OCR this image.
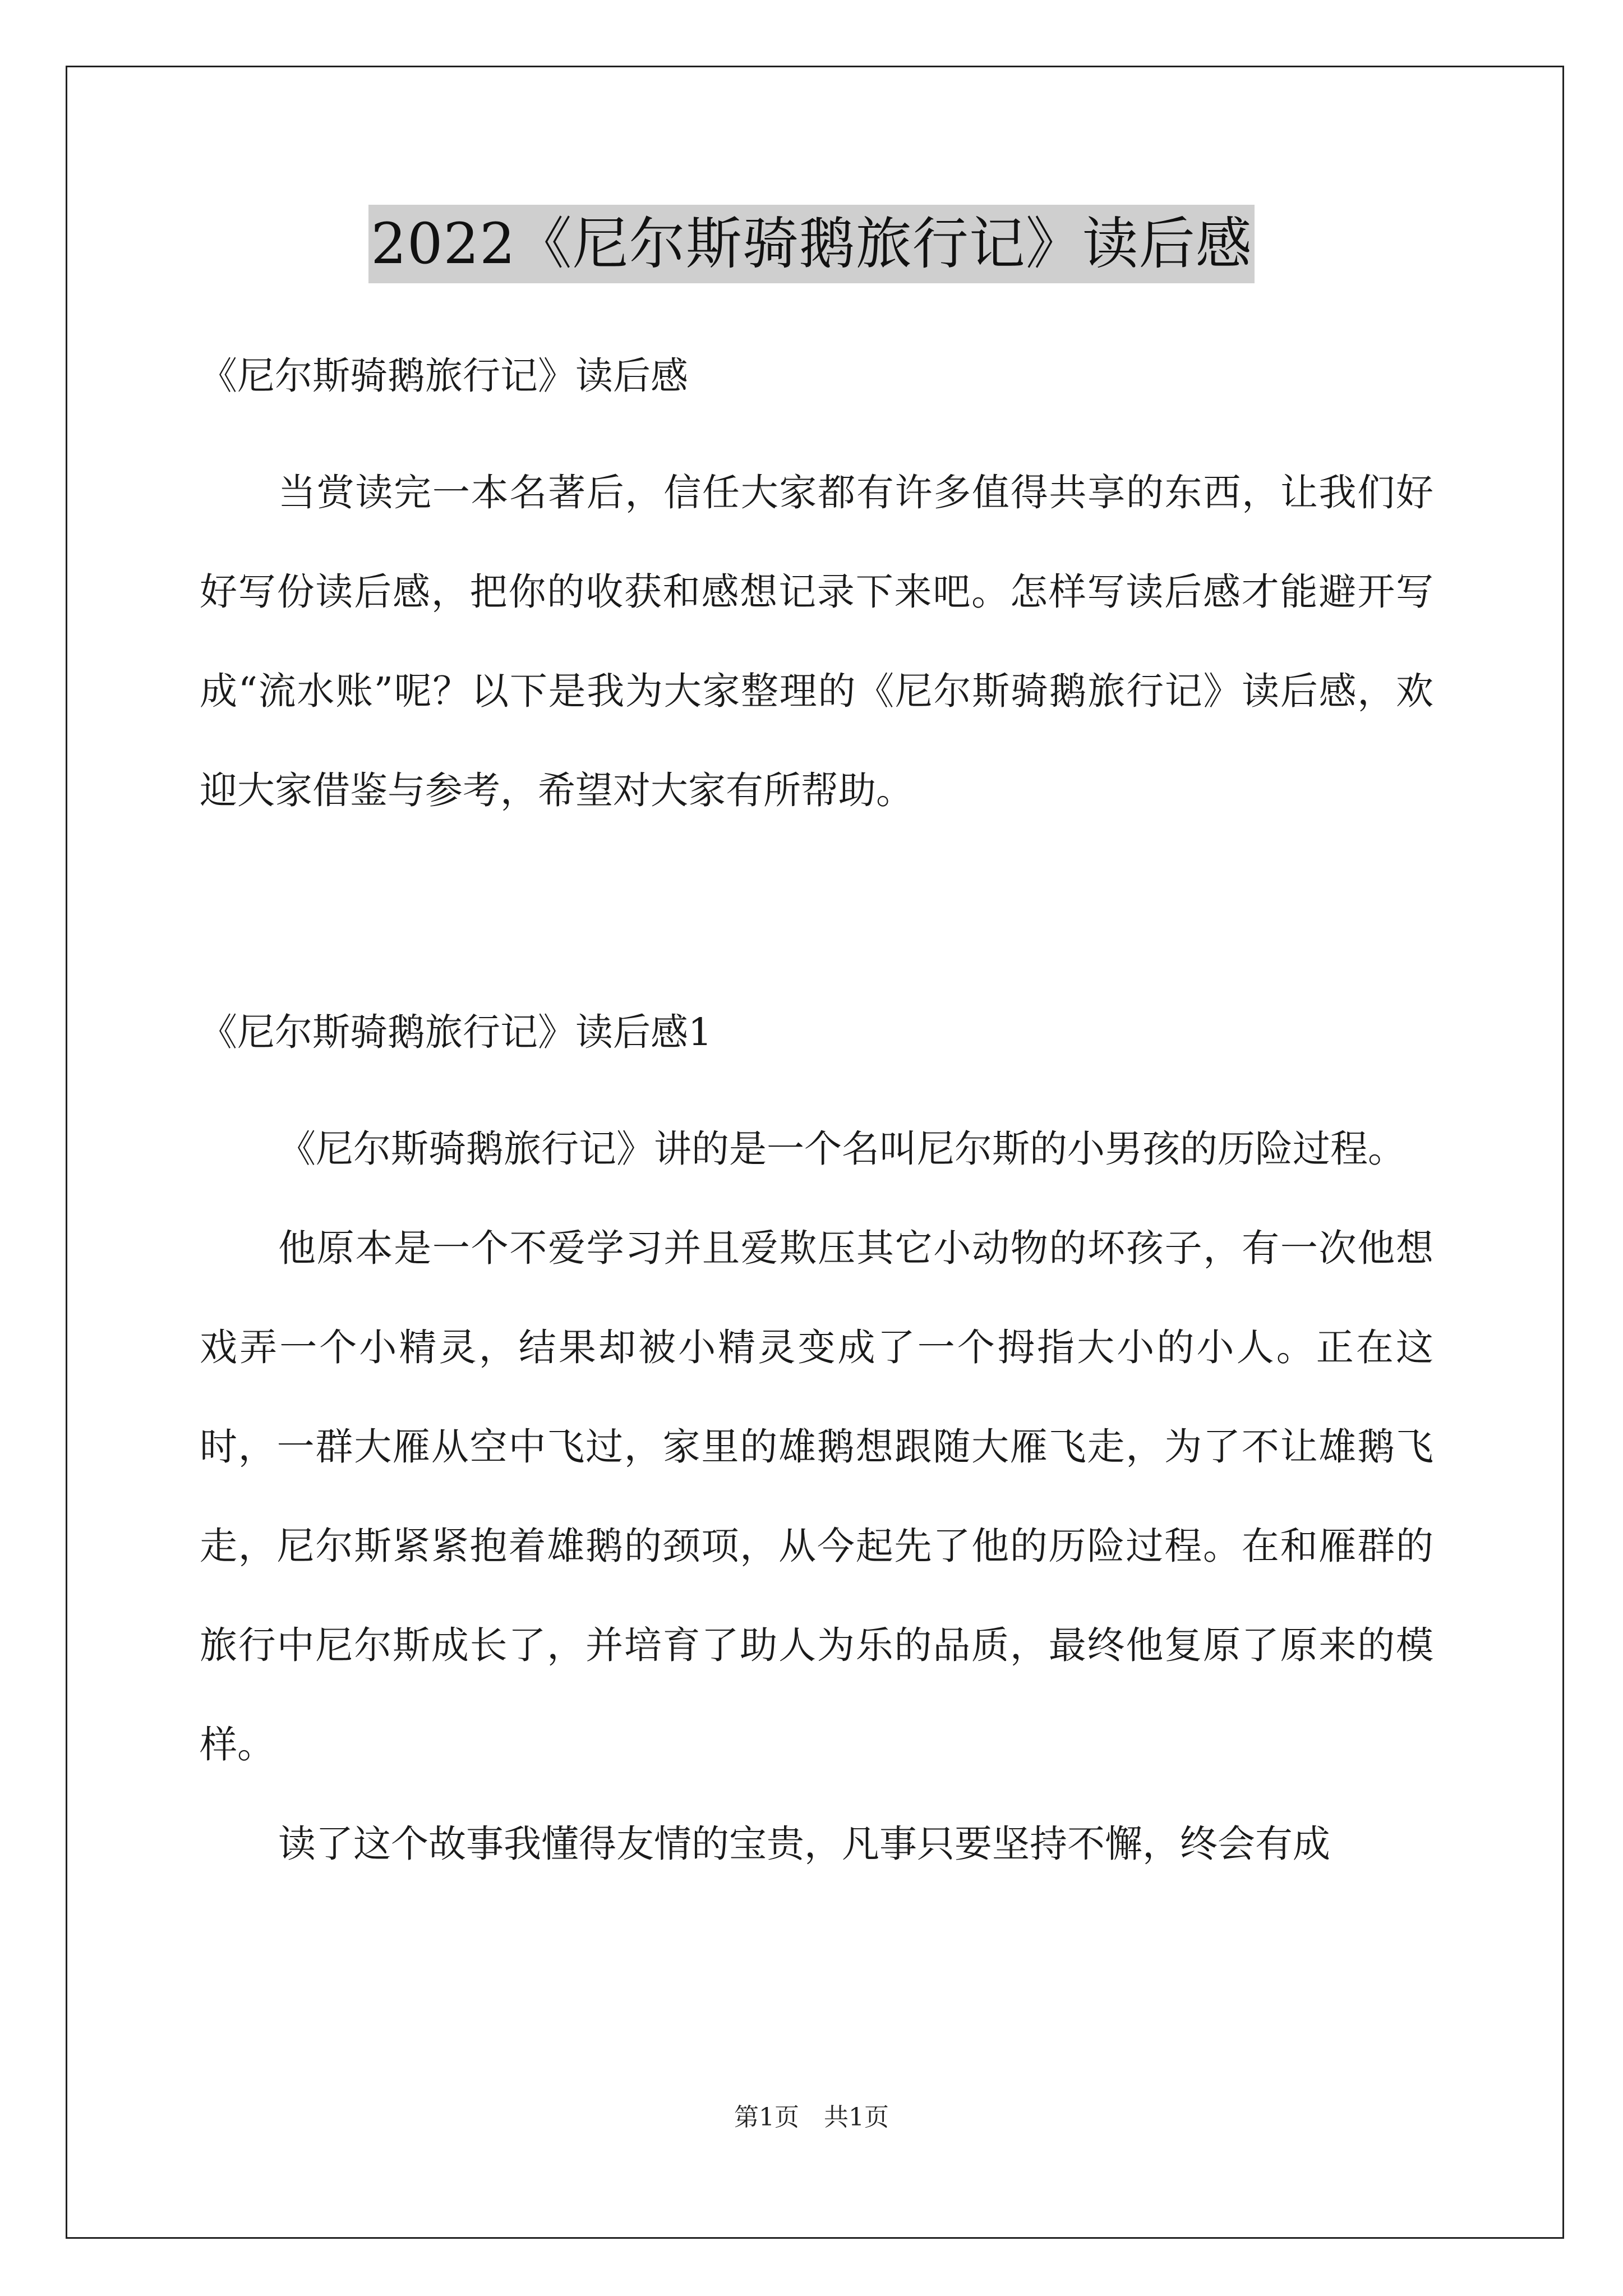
2022《尼尔斯骑鹅旅行记》读后感

《尼尔斯骑鹅旅行记》读后感

当赏读完一本名著后，信任大家都有许多值得共享的东西，让我们好好写份读后感，把你的收获和感想记录下来吧。怎样写读后感才能避开写成“流水账”呢？以下是我为大家整理的《尼尔斯骑鹅旅行记》读后感，欢迎大家借鉴与参考，希望对大家有所帮助。

《尼尔斯骑鹅旅行记》读后感1

《尼尔斯骑鹅旅行记》讲的是一个名叫尼尔斯的小男孩的历险过程。

他原本是一个不爱学习并且爱欺压其它小动物的坏孩子，有一次他想戏弄一个小精灵，结果却被小精灵变成了一个拇指大小的小人。正在这时，一群大雁从空中飞过，家里的雄鹅想跟随大雁飞走，为了不让雄鹅飞走，尼尔斯紧紧抱着雄鹅的颈项，从今起先了他的历险过程。在和雁群的旅行中尼尔斯成长了，并培育了助人为乐的品质，最终他复原了原来的模样。

读了这个故事我懂得友情的宝贵，凡事只要坚持不懈，终会有成

第1页 共1页
